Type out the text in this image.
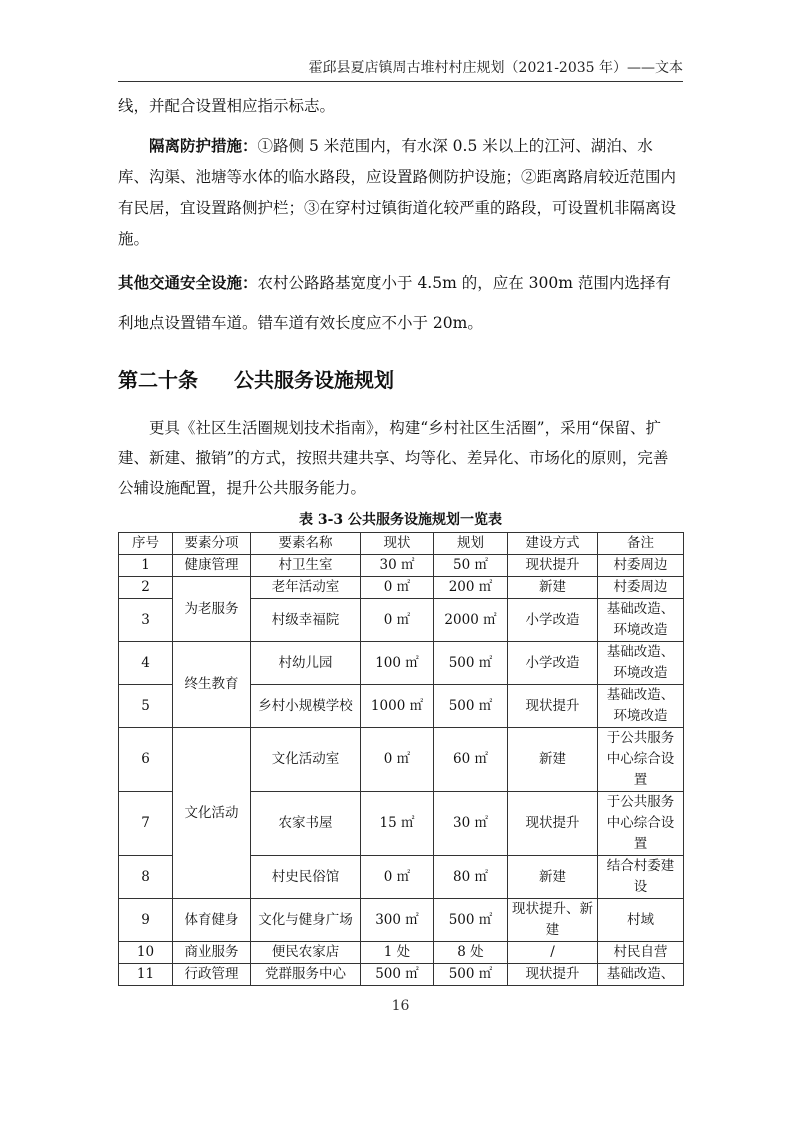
霍邱县夏店镇周古堆村村庄规划（2021-2035 年）——文本

线，并配合设置相应指示标志。

隔离防护措施：①路侧 5 米范围内，有水深 0.5 米以上的江河、湖泊、水库、沟渠、池塘等水体的临水路段，应设置路侧防护设施；②距离路肩较近范围内有民居，宜设置路侧护栏；③在穿村过镇街道化较严重的路段，可设置机非隔离设施。

其他交通安全设施：农村公路路基宽度小于 4.5m 的，应在 300m 范围内选择有利地点设置错车道。错车道有效长度应不小于 20m。

第二十条 公共服务设施规划

更具《社区生活圈规划技术指南》，构建“乡村社区生活圈”，采用“保留、扩建、新建、撤销”的方式，按照共建共享、均等化、差异化、市场化的原则，完善公辅设施配置，提升公共服务能力。

表 3-3 公共服务设施规划一览表
序号	要素分项	要素名称	现状	规划	建设方式	备注
1	健康管理	村卫生室	30 ㎡	50 ㎡	现状提升	村委周边
2	为老服务	老年活动室	0 ㎡	200 ㎡	新建	村委周边
3		村级幸福院	0 ㎡	2000 ㎡	小学改造	基础改造、环境改造
4	终生教育	村幼儿园	100 ㎡	500 ㎡	小学改造	基础改造、环境改造
5		乡村小规模学校	1000 ㎡	500 ㎡	现状提升	基础改造、环境改造
6	文化活动	文化活动室	0 ㎡	60 ㎡	新建	于公共服务中心综合设置
7		农家书屋	15 ㎡	30 ㎡	现状提升	于公共服务中心综合设置
8		村史民俗馆	0 ㎡	80 ㎡	新建	结合村委建设
9	体育健身	文化与健身广场	300 ㎡	500 ㎡	现状提升、新建	村域
10	商业服务	便民农家店	1 处	8 处	/	村民自营
11	行政管理	党群服务中心	500 ㎡	500 ㎡	现状提升	基础改造、
16
